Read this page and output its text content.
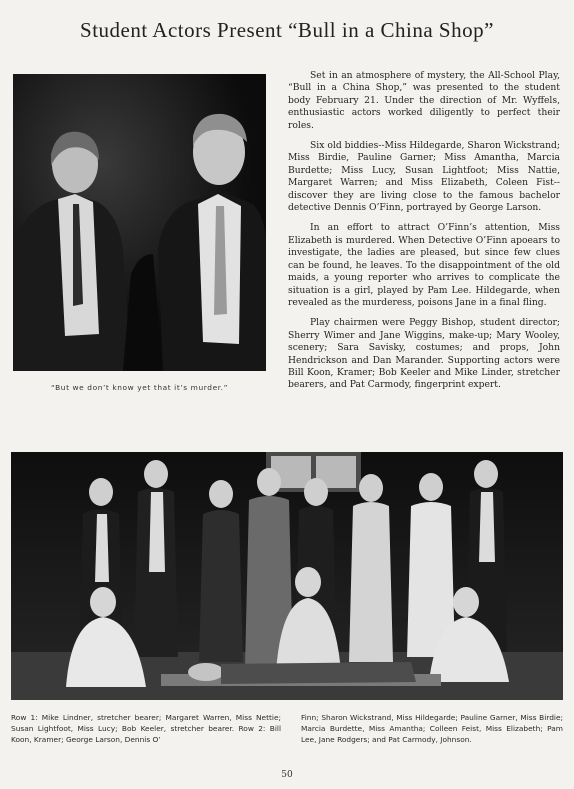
Student Actors Present “Bull in a China Shop”
“But we don’t know yet that it’s murder.”

Set in an atmosphere of mystery, the All-School Play, “Bull in a China Shop,” was presented to the student body February 21. Under the direction of Mr. Wyffels, enthusiastic actors worked diligently to perfect their roles.

Six old biddies--Miss Hildegarde, Sharon Wickstrand; Miss Birdie, Pauline Garner; Miss Amantha, Marcia Burdette; Miss Lucy, Susan Lightfoot; Miss Nattie, Margaret Warren; and Miss Elizabeth, Coleen Fist--discover they are living close to the famous bachelor detective Dennis O’Finn, portrayed by George Larson.

In an effort to attract O’Finn’s attention, Miss Elizabeth is murdered. When Detective O’Finn apoears to investigate, the ladies are pleased, but since few clues can be found, he leaves. To the disappointment of the old maids, a young reporter who arrives to complicate the situation is a girl, played by Pam Lee. Hildegarde, when revealed as the murderess, poisons Jane in a final fling.

Play chairmen were Peggy Bishop, student director; Sherry Wimer and Jane Wiggins, make-up; Mary Wooley, scenery; Sara Savisky, costumes; and props, John Hendrickson and Dan Marander. Supporting actors were Bill Koon, Kramer; Bob Keeler and Mike Linder, stretcher bearers, and Pat Carmody, fingerprint expert.

Row 1: Mike Lindner, stretcher bearer; Margaret Warren, Miss Nettie; Susan Lightfoot, Miss Lucy; Bob Keeler, stretcher bearer. Row 2: Bill Koon, Kramer; George Larson, Dennis O’
Finn; Sharon Wickstrand, Miss Hildegarde; Pauline Garner, Miss Birdie; Marcia Burdette, Miss Amantha; Colleen Feist, Miss Elizabeth; Pam Lee, Jane Rodgers; and Pat Carmody, Johnson.
50
